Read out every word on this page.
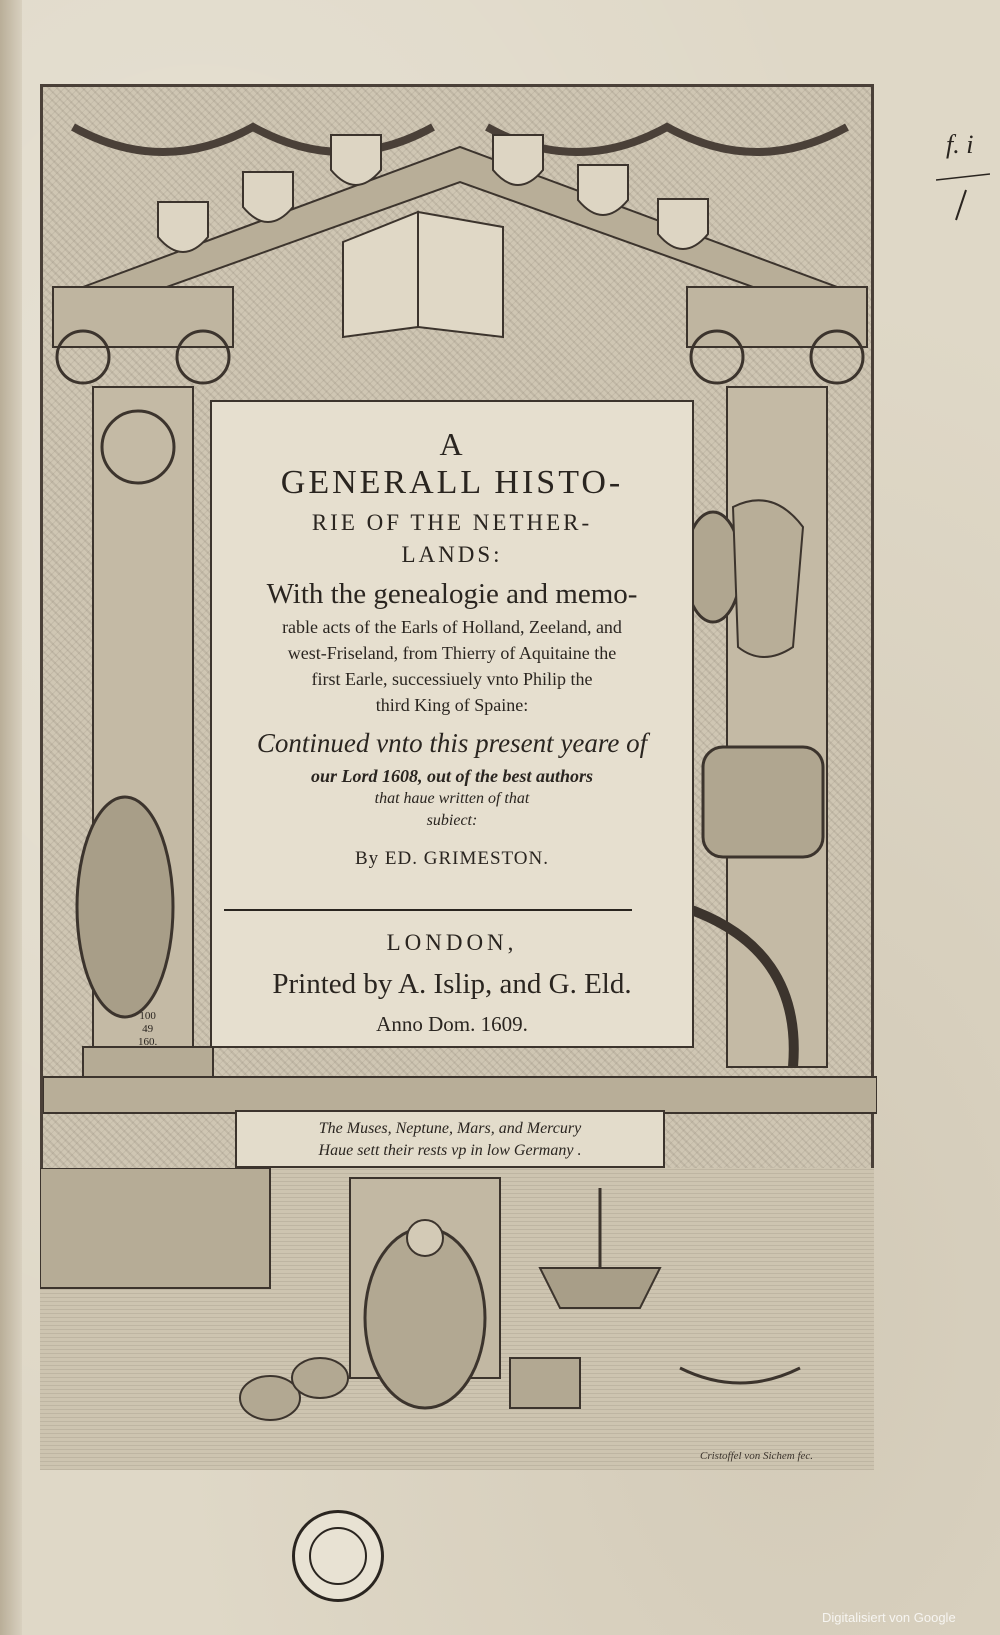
A
GENERALL HISTO-
RIE OF THE NETHER-
LANDS:
With the genealogie and memo-
rable acts of the Earls of Holland, Zeeland, and
west-Friseland, from Thierry of Aquitaine the
first Earle, successiuely vnto Philip the
third King of Spaine:
Continued vnto this present yeare of
our Lord 1608, out of the best authors
that haue written of that
subiect:
By ED. GRIMESTON.
LONDON,
Printed by A. Islip, and G. Eld.
Anno Dom. 1609.
The Muses, Neptune, Mars, and Mercury
Haue sett their rests vp in low Germany .
Cristoffel von Sichem fec.
100
49
160.
f. i
Digitalisiert von Google
